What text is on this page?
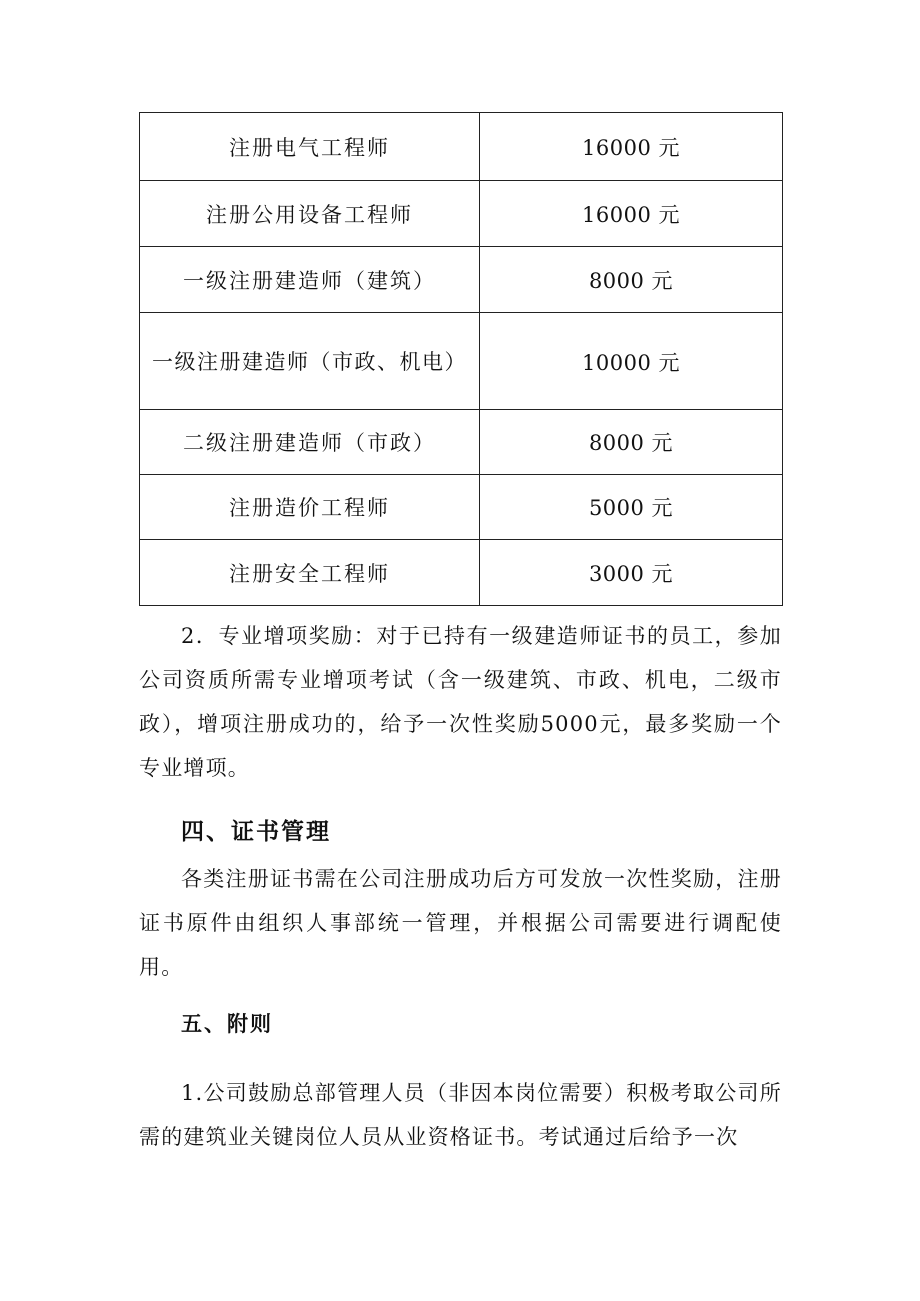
注册电气工程师	16000 元
注册公用设备工程师	16000 元
一级注册建造师（建筑）	8000 元
一级注册建造师（市政、机电）	10000 元
二级注册建造师（市政）	8000 元
注册造价工程师	5000 元
注册安全工程师	3000 元

2．专业增项奖励：对于已持有一级建造师证书的员工，参加公司资质所需专业增项考试（含一级建筑、市政、机电，二级市政），增项注册成功的，给予一次性奖励5000元，最多奖励一个专业增项。

四、证书管理

各类注册证书需在公司注册成功后方可发放一次性奖励，注册证书原件由组织人事部统一管理，并根据公司需要进行调配使用。

五、附则

1.公司鼓励总部管理人员（非因本岗位需要）积极考取公司所需的建筑业关键岗位人员从业资格证书。考试通过后给予一次
